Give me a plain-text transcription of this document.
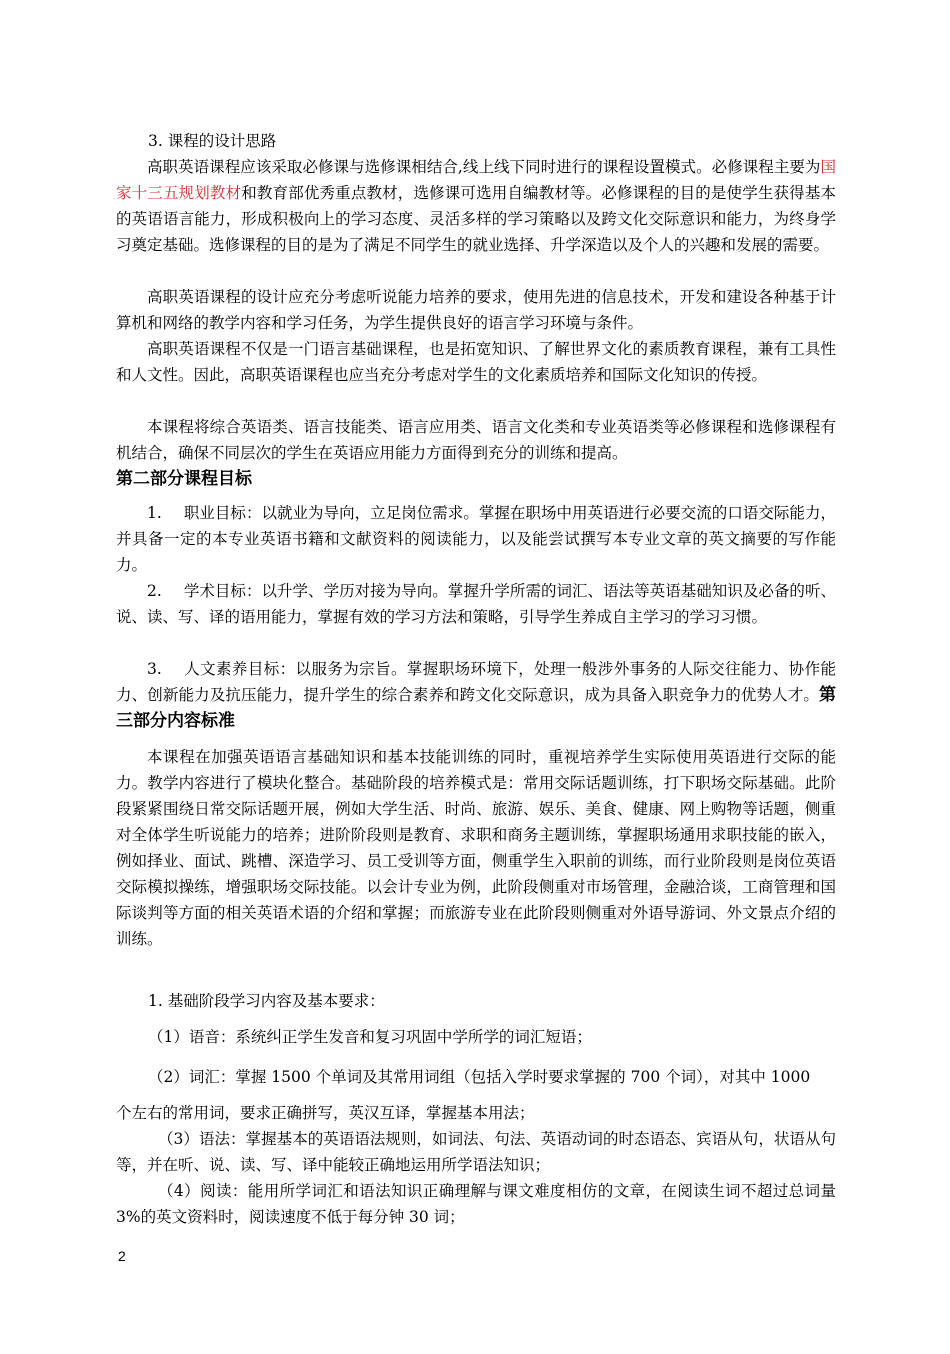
3. 课程的设计思路

高职英语课程应该采取必修课与选修课相结合,线上线下同时进行的课程设置模式。必修课程主要为国家十三五规划教材和教育部优秀重点教材，选修课可选用自编教材等。必修课程的目的是使学生获得基本的英语语言能力，形成积极向上的学习态度、灵活多样的学习策略以及跨文化交际意识和能力，为终身学习奠定基础。选修课程的目的是为了满足不同学生的就业选择、升学深造以及个人的兴趣和发展的需要。

高职英语课程的设计应充分考虑听说能力培养的要求，使用先进的信息技术，开发和建设各种基于计算机和网络的教学内容和学习任务，为学生提供良好的语言学习环境与条件。

高职英语课程不仅是一门语言基础课程，也是拓宽知识、了解世界文化的素质教育课程，兼有工具性和人文性。因此，高职英语课程也应当充分考虑对学生的文化素质培养和国际文化知识的传授。

本课程将综合英语类、语言技能类、语言应用类、语言文化类和专业英语类等必修课程和选修课程有机结合，确保不同层次的学生在英语应用能力方面得到充分的训练和提高。

第二部分课程目标

1. 职业目标：以就业为导向，立足岗位需求。掌握在职场中用英语进行必要交流的口语交际能力，并具备一定的本专业英语书籍和文献资料的阅读能力，以及能尝试撰写本专业文章的英文摘要的写作能力。

2. 学术目标：以升学、学历对接为导向。掌握升学所需的词汇、语法等英语基础知识及必备的听、说、读、写、译的语用能力，掌握有效的学习方法和策略，引导学生养成自主学习的学习习惯。

3. 人文素养目标：以服务为宗旨。掌握职场环境下，处理一般涉外事务的人际交往能力、协作能力、创新能力及抗压能力，提升学生的综合素养和跨文化交际意识，成为具备入职竞争力的优势人才。第三部分内容标准

本课程在加强英语语言基础知识和基本技能训练的同时，重视培养学生实际使用英语进行交际的能力。教学内容进行了模块化整合。基础阶段的培养模式是：常用交际话题训练，打下职场交际基础。此阶段紧紧围绕日常交际话题开展，例如大学生活、时尚、旅游、娱乐、美食、健康、网上购物等话题，侧重对全体学生听说能力的培养；进阶阶段则是教育、求职和商务主题训练，掌握职场通用求职技能的嵌入，例如择业、面试、跳槽、深造学习、员工受训等方面，侧重学生入职前的训练，而行业阶段则是岗位英语交际模拟操练，增强职场交际技能。以会计专业为例，此阶段侧重对市场管理，金融洽谈，工商管理和国际谈判等方面的相关英语术语的介绍和掌握；而旅游专业在此阶段则侧重对外语导游词、外文景点介绍的训练。

1. 基础阶段学习内容及基本要求：

（1）语音：系统纠正学生发音和复习巩固中学所学的词汇短语；

（2）词汇：掌握 1500 个单词及其常用词组（包括入学时要求掌握的 700 个词），对其中 1000

个左右的常用词，要求正确拼写，英汉互译，掌握基本用法；

（3）语法：掌握基本的英语语法规则，如词法、句法、英语动词的时态语态、宾语从句，状语从句等，并在听、说、读、写、译中能较正确地运用所学语法知识；

（4）阅读：能用所学词汇和语法知识正确理解与课文难度相仿的文章，在阅读生词不超过总词量 3%的英文资料时，阅读速度不低于每分钟 30 词；

2
